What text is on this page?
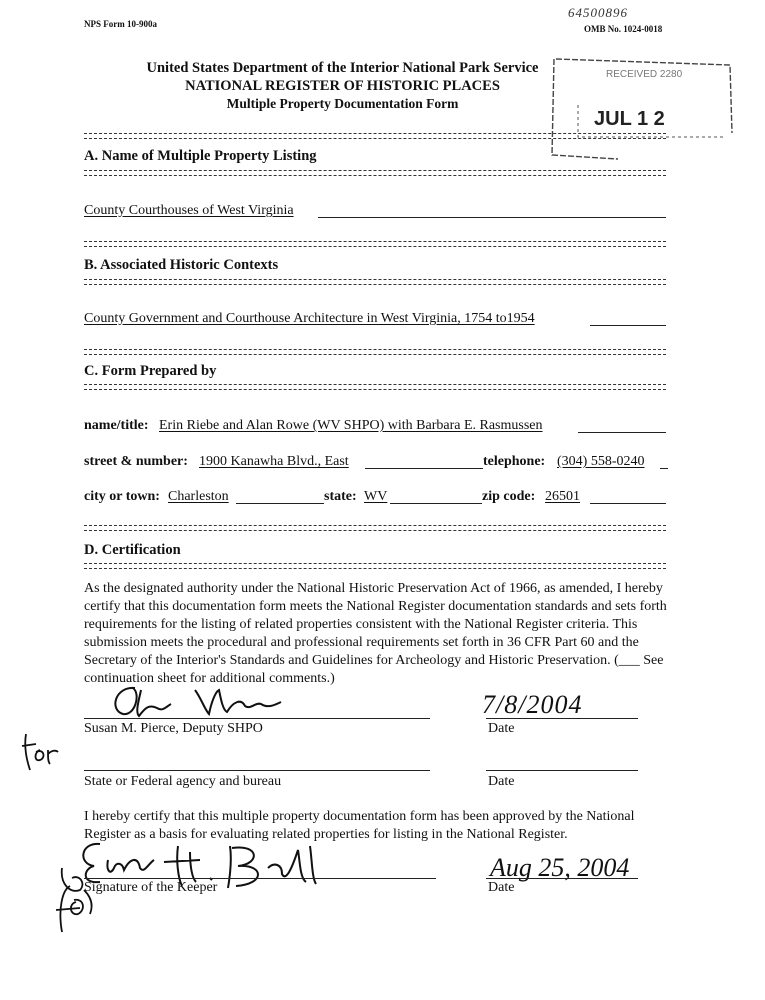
NPS Form 10-900a	OMB No. 1024-0018
64500896
United States Department of the Interior National Park Service
NATIONAL REGISTER OF HISTORIC PLACES
Multiple Property Documentation Form
RECEIVED 2280
JUL 1 2
A. Name of Multiple Property Listing
County Courthouses of West Virginia
B. Associated Historic Contexts
County Government and Courthouse Architecture in West Virginia, 1754 to1954
C. Form Prepared by
name/title: Erin Riebe and Alan Rowe (WV SHPO) with Barbara E. Rasmussen
street & number: 1900 Kanawha Blvd., East	telephone: (304) 558-0240
city or town: Charleston	state: WV	zip code: 26501
D. Certification
As the designated authority under the National Historic Preservation Act of 1966, as amended, I hereby certify that this documentation form meets the National Register documentation standards and sets forth requirements for the listing of related properties consistent with the National Register criteria. This submission meets the procedural and professional requirements set forth in 36 CFR Part 60 and the Secretary of the Interior's Standards and Guidelines for Archeology and Historic Preservation. (___ See continuation sheet for additional comments.)
Susan M. Pierce, Deputy SHPO
7/8/2004
Date
State or Federal agency and bureau	Date
I hereby certify that this multiple property documentation form has been approved by the National Register as a basis for evaluating related properties for listing in the National Register.
Signature of the Keeper
Aug 25, 2004
Date
